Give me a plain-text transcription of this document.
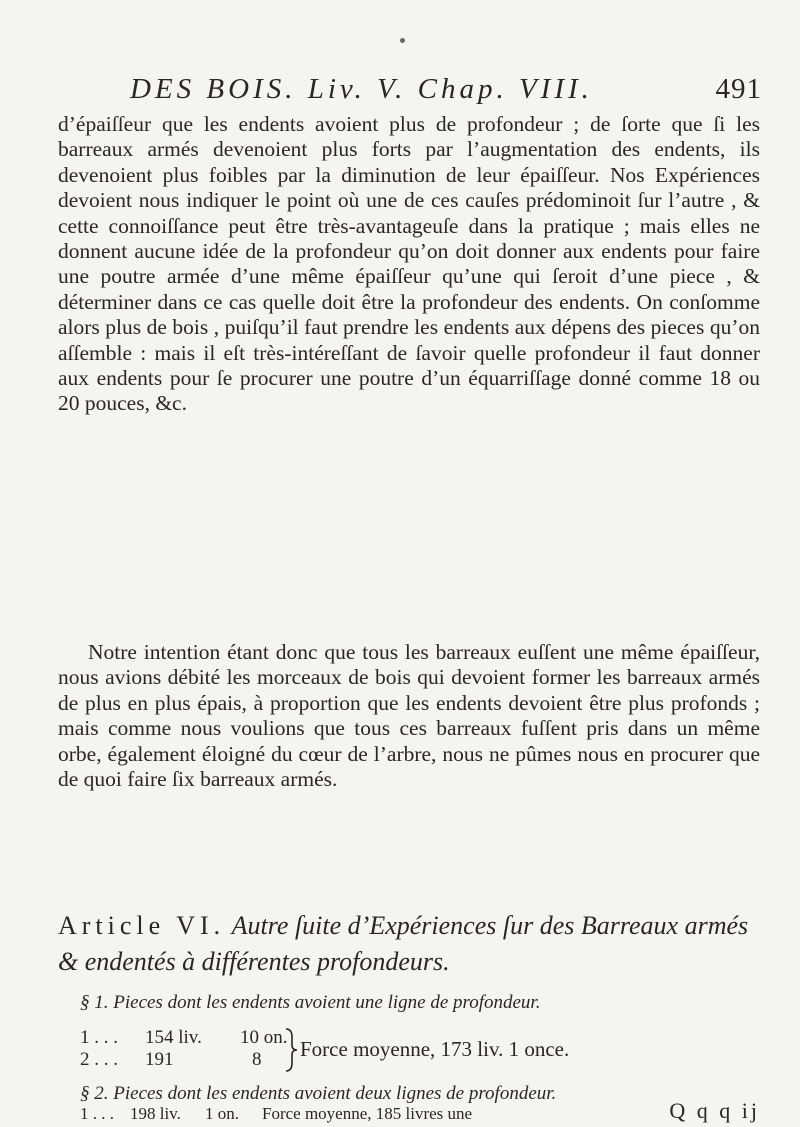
DES BOIS. Liv. V. Chap. VIII.	491

d’épaiſſeur que les endents avoient plus de profondeur ; de ſorte que ſi les barreaux armés devenoient plus forts par l’augmentation des endents, ils devenoient plus foibles par la diminution de leur épaiſſeur. Nos Expériences devoient nous indiquer le point où une de ces cauſes prédominoit ſur l’autre , & cette connoiſſance peut être très-avantageuſe dans la pratique ; mais elles ne donnent aucune idée de la profondeur qu’on doit donner aux endents pour faire une poutre armée d’une même épaiſſeur qu’une qui ſeroit d’une piece , & déterminer dans ce cas quelle doit être la profondeur des endents. On conſomme alors plus de bois , puiſqu’il faut prendre les endents aux dépens des pieces qu’on aſſemble : mais il eſt très-intéreſſant de ſavoir quelle profondeur il faut donner aux endents pour ſe procurer une poutre d’un équarriſſage donné comme 18 ou 20 pouces, &c.

Notre intention étant donc que tous les barreaux euſſent une même épaiſſeur, nous avions débité les morceaux de bois qui devoient former les barreaux armés de plus en plus épais, à proportion que les endents devoient être plus profonds ; mais comme nous voulions que tous ces barreaux fuſſent pris dans un même orbe, également éloigné du cœur de l’arbre, nous ne pûmes nous en procurer que de quoi faire ſix barreaux armés.

Article VI. Autre ſuite d’Expériences ſur des Barreaux armés & endentés à différentes profondeurs.

§ 1. Pieces dont les endents avoient une ligne de profondeur.

1 . . . 154 liv. 10 on.
2 . . . 191	8 Force moyenne, 173 liv. 1 once.

§ 2. Pieces dont les endents avoient deux lignes de profondeur.

Q q q ij
1 . . . 198 liv. 1 on. Force moyenne, 185 livres une
